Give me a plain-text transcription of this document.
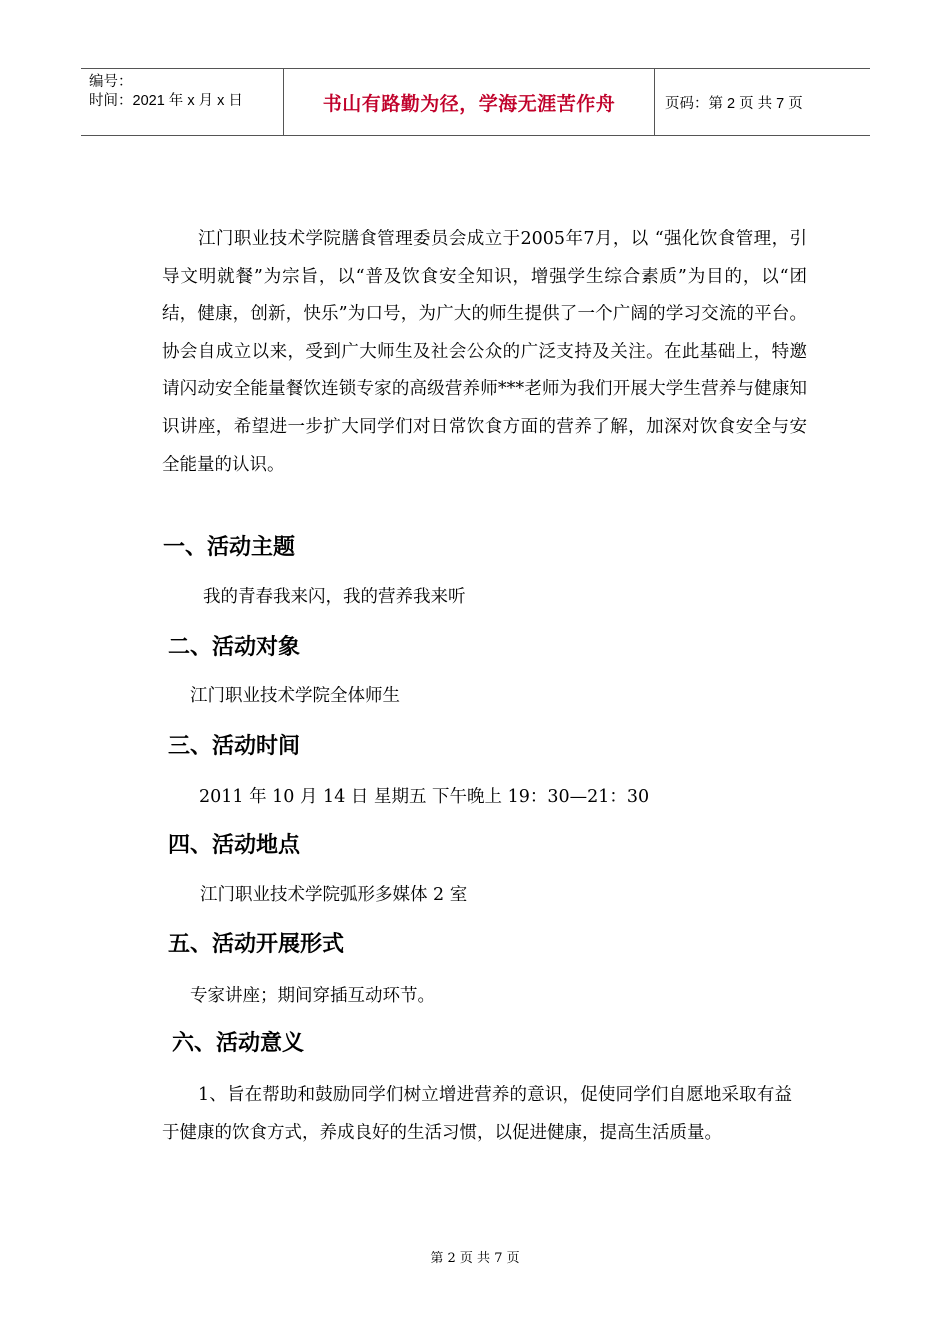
编号：
时间：2021 年 x 月 x 日	书山有路勤为径，学海无涯苦作舟	页码：第 2 页 共 7 页

江门职业技术学院膳食管理委员会成立于2005年7月，以 “强化饮食管理，引导文明就餐”为宗旨，以“普及饮食安全知识，增强学生综合素质”为目的，以“团结，健康，创新，快乐”为口号，为广大的师生提供了一个广阔的学习交流的平台。协会自成立以来，受到广大师生及社会公众的广泛支持及关注。在此基础上，特邀请闪动安全能量餐饮连锁专家的高级营养师***老师为我们开展大学生营养与健康知识讲座，希望进一步扩大同学们对日常饮食方面的营养了解，加深对饮食安全与安全能量的认识。

一、活动主题

我的青春我来闪，我的营养我来听

二、活动对象

江门职业技术学院全体师生

三、活动时间

2011 年 10 月 14 日 星期五 下午晚上 19：30—21：30

四、活动地点

江门职业技术学院弧形多媒体 2 室

五、活动开展形式

专家讲座；期间穿插互动环节。

六、活动意义

1、旨在帮助和鼓励同学们树立增进营养的意识，促使同学们自愿地采取有益于健康的饮食方式，养成良好的生活习惯，以促进健康，提高生活质量。

第 2 页 共 7 页
